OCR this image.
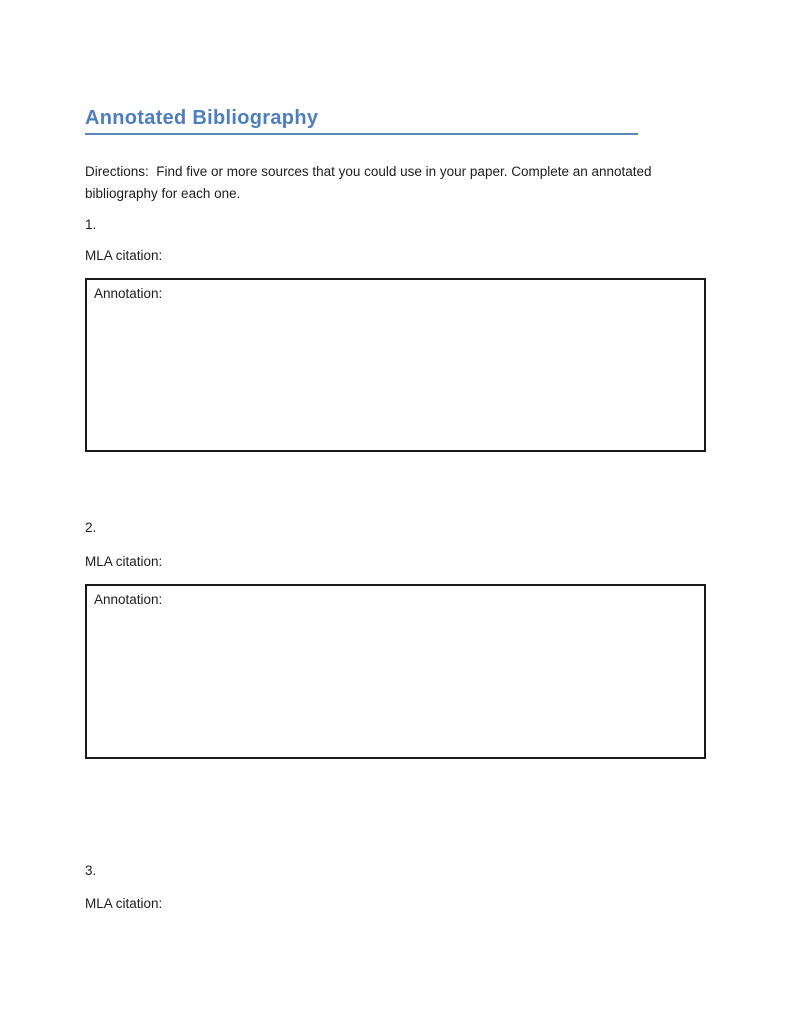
Annotated Bibliography
Directions:  Find five or more sources that you could use in your paper. Complete an annotated bibliography for each one.
1.
MLA citation:
Annotation:
2.
MLA citation:
Annotation:
3.
MLA citation:
